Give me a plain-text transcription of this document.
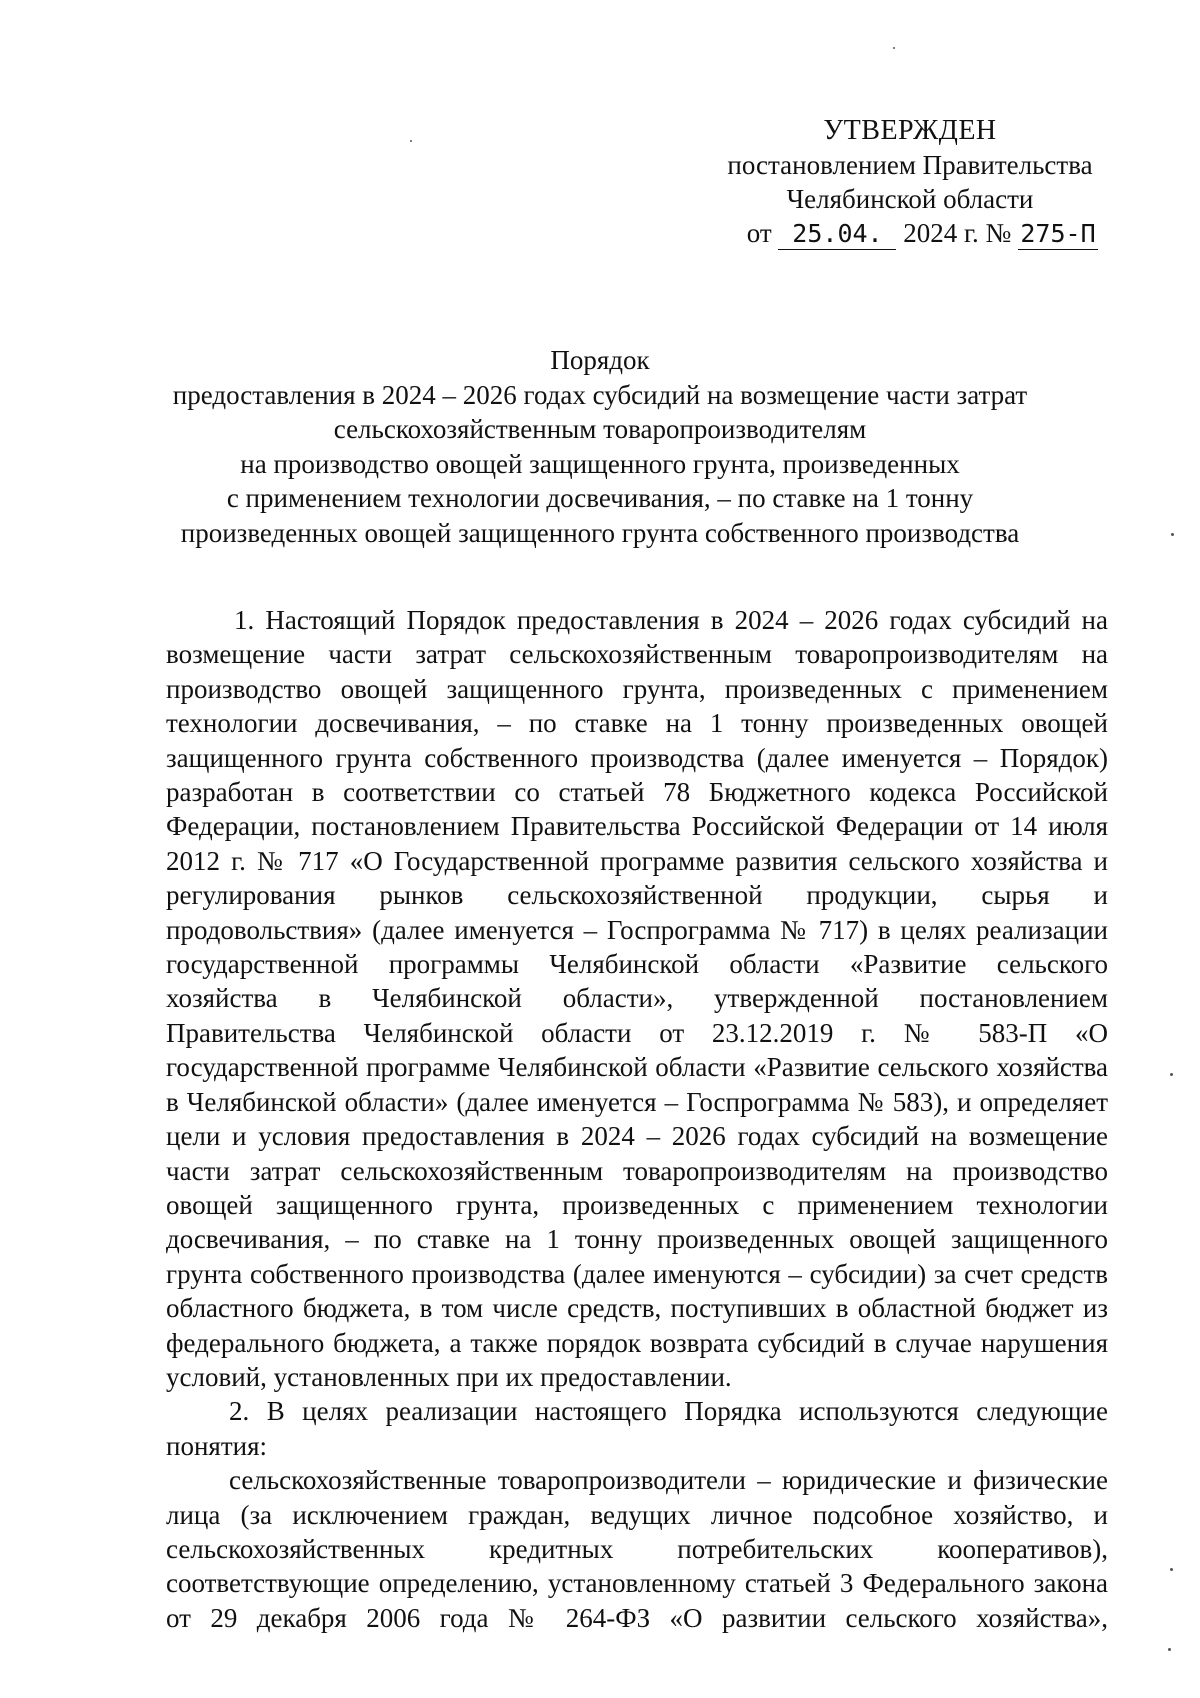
УТВЕРЖДЕН
постановлением Правительства
Челябинской области
от 25.04. 2024 г. № 275-П
Порядок
предоставления в 2024 – 2026 годах субсидий на возмещение части затрат
сельскохозяйственным товаропроизводителям
на производство овощей защищенного грунта, произведенных
с применением технологии досвечивания, – по ставке на 1 тонну
произведенных овощей защищенного грунта собственного производства

1. Настоящий Порядок предоставления в 2024 – 2026 годах субсидий на возмещение части затрат сельскохозяйственным товаропроизводителям на производство овощей защищенного грунта, произведенных с применением технологии досвечивания, – по ставке на 1 тонну произведенных овощей защищенного грунта собственного производства (далее именуется – Порядок) разработан в соответствии со статьей 78 Бюджетного кодекса Российской Федерации, постановлением Правительства Российской Федерации от 14 июля 2012 г. № 717 «О Государственной программе развития сельского хозяйства и регулирования рынков сельскохозяйственной продукции, сырья и продовольствия» (далее именуется – Госпрограмма № 717) в целях реализации государственной программы Челябинской области «Развитие сельского хозяйства в Челябинской области», утвержденной постановлением Правительства Челябинской области от 23.12.2019 г. № 583-П «О государственной программе Челябинской области «Развитие сельского хозяйства в Челябинской области» (далее именуется – Госпрограмма № 583), и определяет цели и условия предоставления в 2024 – 2026 годах субсидий на возмещение части затрат сельскохозяйственным товаропроизводителям на производство овощей защищенного грунта, произведенных с применением технологии досвечивания, – по ставке на 1 тонну произведенных овощей защищенного грунта собственного производства (далее именуются – субсидии) за счет средств областного бюджета, в том числе средств, поступивших в областной бюджет из федерального бюджета, а также порядок возврата субсидий в случае нарушения условий, установленных при их предоставлении.

2. В целях реализации настоящего Порядка используются следующие понятия:

сельскохозяйственные товаропроизводители – юридические и физические лица (за исключением граждан, ведущих личное подсобное хозяйство, и сельскохозяйственных кредитных потребительских кооперативов), соответствующие определению, установленному статьей 3 Федерального закона от 29 декабря 2006 года № 264-ФЗ «О развитии сельского хозяйства»,
